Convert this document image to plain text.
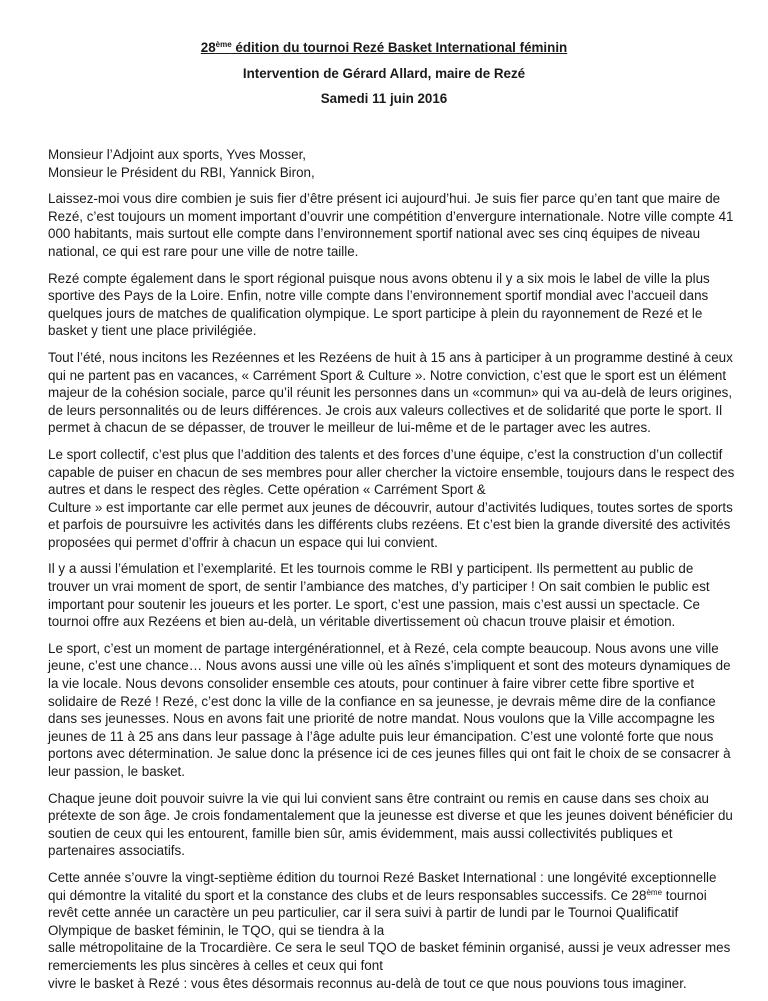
28ème édition du tournoi Rezé Basket International féminin
Intervention de Gérard Allard, maire de Rezé
Samedi 11 juin 2016
Monsieur l’Adjoint aux sports, Yves Mosser,
Monsieur le Président du RBI, Yannick Biron,

Laissez-moi vous dire combien je suis fier d’être présent ici aujourd’hui. Je suis fier parce qu’en tant que maire de Rezé, c’est toujours un moment important d’ouvrir une compétition d’envergure internationale. Notre ville compte 41 000 habitants, mais surtout elle compte dans l’environnement sportif national avec ses cinq équipes de niveau national, ce qui est rare pour une ville de notre taille.

Rezé compte également dans le sport régional puisque nous avons obtenu il y a six mois le label de ville la plus sportive des Pays de la Loire. Enfin, notre ville compte dans l’environnement sportif mondial avec l’accueil dans quelques jours de matches de qualification olympique. Le sport participe à plein du rayonnement de Rezé et le basket y tient une place privilégiée.

Tout l’été, nous incitons les Rezéennes et les Rezéens de huit à 15 ans à participer à un programme destiné à ceux qui ne partent pas en vacances, « Carrément Sport & Culture ». Notre conviction, c’est que le sport est un élément majeur de la cohésion sociale, parce qu’il réunit les personnes dans un «commun» qui va au-delà de leurs origines, de leurs personnalités ou de leurs différences. Je crois aux valeurs collectives et de solidarité que porte le sport. Il permet à chacun de se dépasser, de trouver le meilleur de lui-même et de le partager avec les autres.

Le sport collectif, c’est plus que l’addition des talents et des forces d’une équipe, c’est la construction d’un collectif capable de puiser en chacun de ses membres pour aller chercher la victoire ensemble, toujours dans le respect des autres et dans le respect des règles. Cette opération « Carrément Sport &
Culture » est importante car elle permet aux jeunes de découvrir, autour d’activités ludiques, toutes sortes de sports et parfois de poursuivre les activités dans les différents clubs rezéens. Et c’est bien la grande diversité des activités proposées qui permet d’offrir à chacun un espace qui lui convient.

Il y a aussi l’émulation et l’exemplarité. Et les tournois comme le RBI y participent. Ils permettent au public de trouver un vrai moment de sport, de sentir l’ambiance des matches, d’y participer ! On sait combien le public est important pour soutenir les joueurs et les porter. Le sport, c’est une passion, mais c’est aussi un spectacle. Ce tournoi offre aux Rezéens et bien au-delà, un véritable divertissement où chacun trouve plaisir et émotion.

Le sport, c’est un moment de partage intergénérationnel, et à Rezé, cela compte beaucoup. Nous avons une ville jeune, c’est une chance… Nous avons aussi une ville où les aînés s’impliquent et sont des moteurs dynamiques de la vie locale. Nous devons consolider ensemble ces atouts, pour continuer à faire vibrer cette fibre sportive et solidaire de Rezé ! Rezé, c’est donc la ville de la confiance en sa jeunesse, je devrais même dire de la confiance dans ses jeunesses. Nous en avons fait une priorité de notre mandat. Nous voulons que la Ville accompagne les jeunes de 11 à 25 ans dans leur passage à l’âge adulte puis leur émancipation. C’est une volonté forte que nous portons avec détermination. Je salue donc la présence ici de ces jeunes filles qui ont fait le choix de se consacrer à leur passion, le basket.

Chaque jeune doit pouvoir suivre la vie qui lui convient sans être contraint ou remis en cause dans ses choix au prétexte de son âge. Je crois fondamentalement que la jeunesse est diverse et que les jeunes doivent bénéficier du soutien de ceux qui les entourent, famille bien sûr, amis évidemment, mais aussi collectivités publiques et partenaires associatifs.

Cette année s’ouvre la vingt-septième édition du tournoi Rezé Basket International : une longévité exceptionnelle qui démontre la vitalité du sport et la constance des clubs et de leurs responsables successifs. Ce 28ème tournoi revêt cette année un caractère un peu particulier, car il sera suivi à partir de lundi par le Tournoi Qualificatif Olympique de basket féminin, le TQO, qui se tiendra à la
salle métropolitaine de la Trocardière. Ce sera le seul TQO de basket féminin organisé, aussi je veux adresser mes remerciements les plus sincères à celles et ceux qui font
vivre le basket à Rezé : vous êtes désormais reconnus au-delà de tout ce que nous pouvions tous imaginer.
